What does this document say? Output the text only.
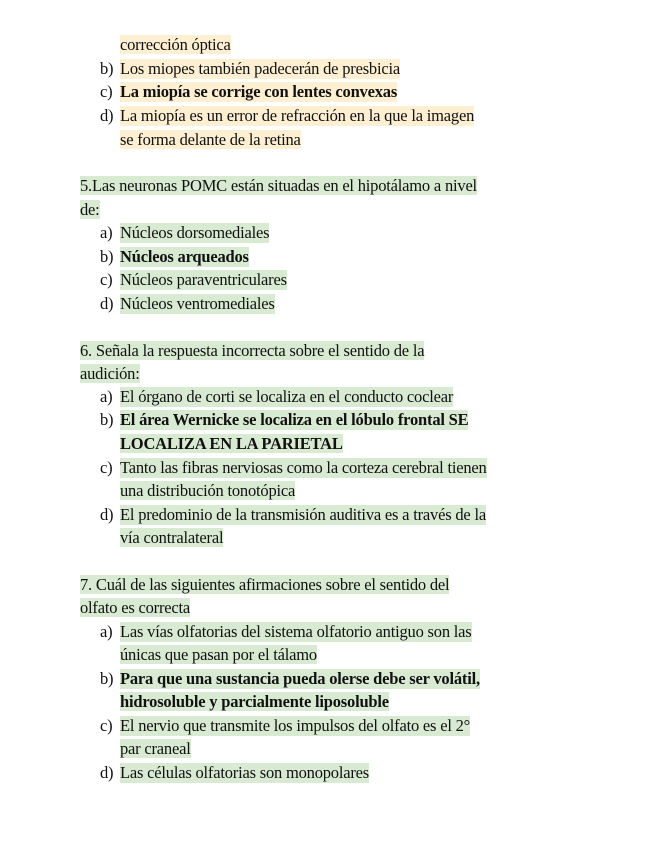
corrección óptica
b) Los miopes también padecerán de presbicia
c) La miopía se corrige con lentes convexas
d) La miopía es un error de refracción en la que la imagen
se forma delante de la retina
5.Las neuronas POMC están situadas en el hipotálamo a nivel
de:
a) Núcleos dorsomediales
b) Núcleos arqueados
c) Núcleos paraventriculares
d) Núcleos ventromediales
6. Señala la respuesta incorrecta sobre el sentido de la
audición:
a) El órgano de corti se localiza en el conducto coclear
b) El área Wernicke se localiza en el lóbulo frontal SE
LOCALIZA EN LA PARIETAL
c) Tanto las fibras nerviosas como la corteza cerebral tienen
una distribución tonotópica
d) El predominio de la transmisión auditiva es a través de la
vía contralateral
7. Cuál de las siguientes afirmaciones sobre el sentido del
olfato es correcta
a) Las vías olfatorias del sistema olfatorio antiguo son las
únicas que pasan por el tálamo
b) Para que una sustancia pueda olerse debe ser volátil,
hidrosoluble y parcialmente liposoluble
c) El nervio que transmite los impulsos del olfato es el 2°
par craneal
d) Las células olfatorias son monopolares
